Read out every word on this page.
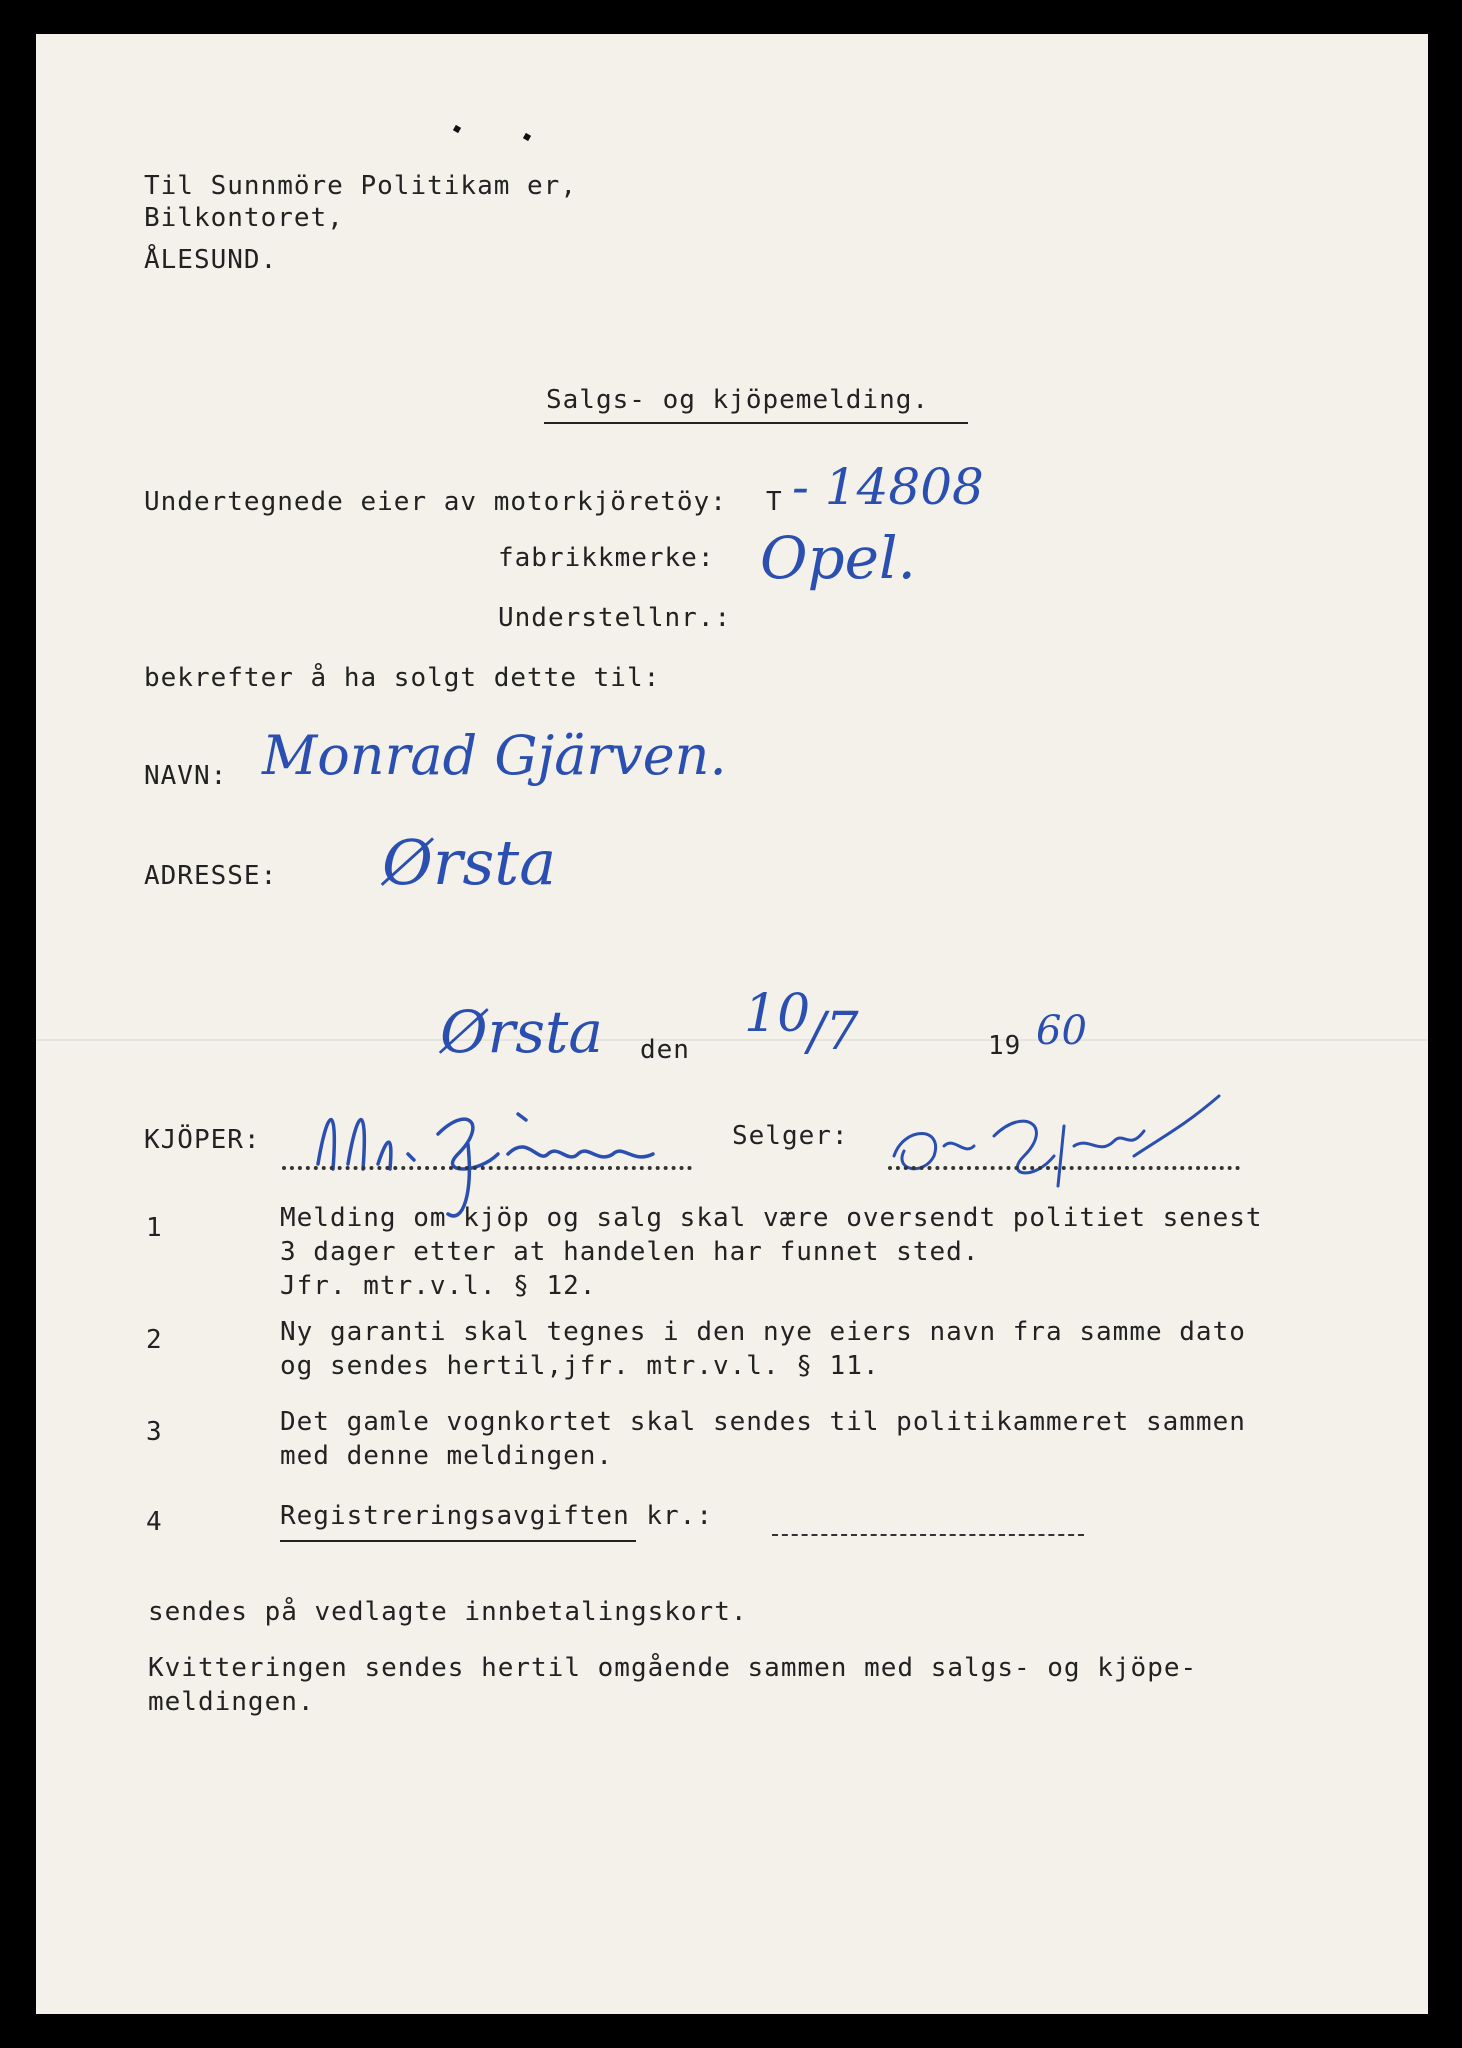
Til Sunnmöre Politikam er,
Bilkontoret,
ÅLESUND.
Salgs- og kjöpemelding.
Undertegnede eier av motorkjöretöy: T - 14808
fabrikkmerke: Opel.
Understellnr.:
bekrefter å ha solgt dette til:
NAVN: Monrad Gjärven.
ADRESSE: Ørsta
Ørsta den
10
/7	19 60
KJÖPER:	Selger:
1	Melding om kjöp og salg skal være oversendt politiet senest
3 dager etter at handelen har funnet sted.
Jfr. mtr.v.l. § 12.
2	Ny garanti skal tegnes i den nye eiers navn fra samme dato
og sendes hertil,jfr. mtr.v.l. § 11.
3	Det gamle vognkortet skal sendes til politikammeret sammen
med denne meldingen.
4	Registreringsavgiften kr.:
sendes på vedlagte innbetalingskort.
Kvitteringen sendes hertil omgående sammen med salgs- og kjöpe-
meldingen.
